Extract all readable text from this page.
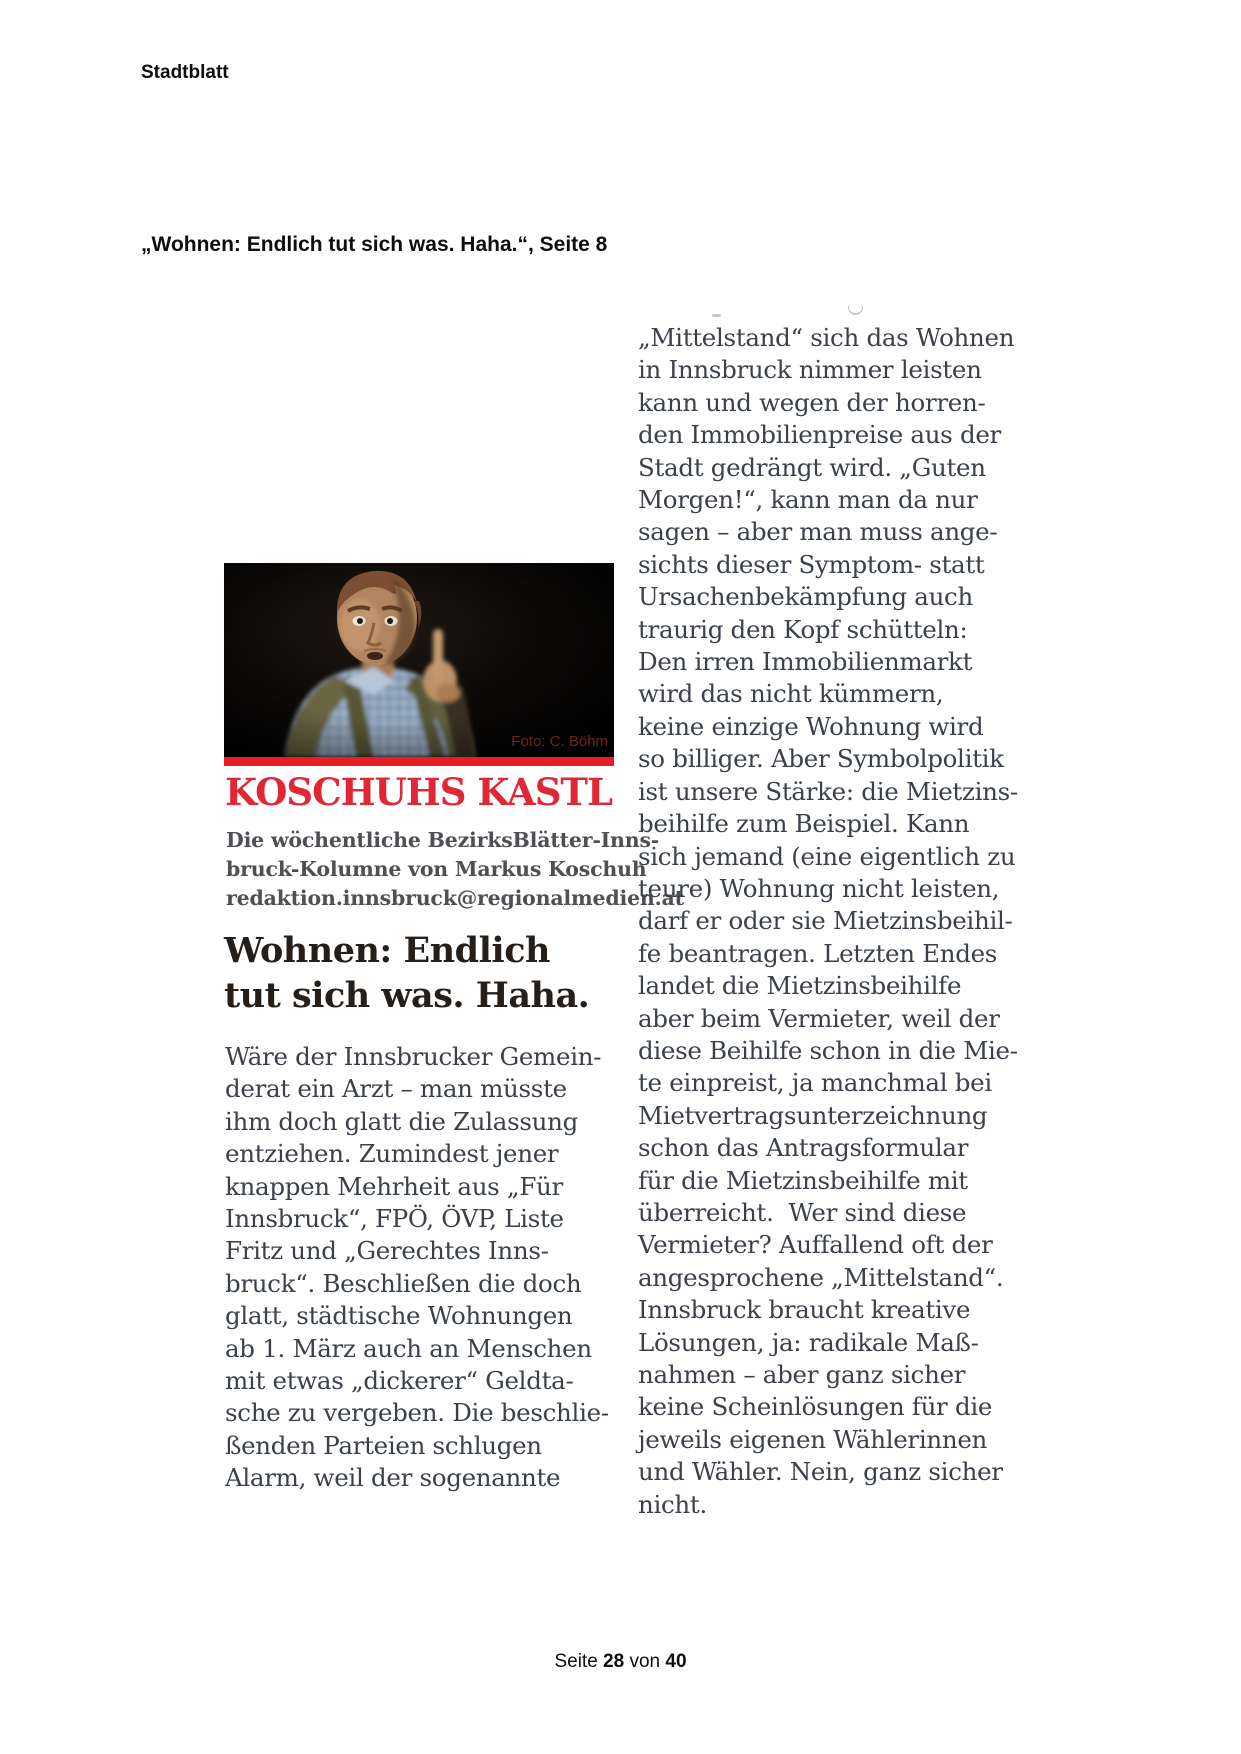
Stadtblatt
„Wohnen: Endlich tut sich was. Haha.“, Seite 8
Foto: C. Böhm
KOSCHUHS KASTL
Die wöchentliche BezirksBlätter-Inns-
bruck-Kolumne von Markus Koschuh
redaktion.innsbruck@regionalmedien.at
Wohnen: Endlich
tut sich was. Haha.
Wäre der Innsbrucker Gemein-
derat ein Arzt – man müsste
ihm doch glatt die Zulassung
entziehen. Zumindest jener
knappen Mehrheit aus „Für
Innsbruck“, FPÖ, ÖVP, Liste
Fritz und „Gerechtes Inns-
bruck“. Beschließen die doch
glatt, städtische Wohnungen
ab 1. März auch an Menschen
mit etwas „dickerer“ Geldta-
sche zu vergeben. Die beschlie-
ßenden Parteien schlugen
Alarm, weil der sogenannte
„Mittelstand“ sich das Wohnen
in Innsbruck nimmer leisten
kann und wegen der horren-
den Immobilienpreise aus der
Stadt gedrängt wird. „Guten
Morgen!“, kann man da nur
sagen – aber man muss ange-
sichts dieser Symptom- statt
Ursachenbekämpfung auch
traurig den Kopf schütteln:
Den irren Immobilienmarkt
wird das nicht kümmern,
keine einzige Wohnung wird
so billiger. Aber Symbolpolitik
ist unsere Stärke: die Mietzins-
beihilfe zum Beispiel. Kann
sich jemand (eine eigentlich zu
teure) Wohnung nicht leisten,
darf er oder sie Mietzinsbeihil-
fe beantragen. Letzten Endes
landet die Mietzinsbeihilfe
aber beim Vermieter, weil der
diese Beihilfe schon in die Mie-
te einpreist, ja manchmal bei
Mietvertragsunterzeichnung
schon das Antragsformular
für die Mietzinsbeihilfe mit
überreicht.  Wer sind diese
Vermieter? Auffallend oft der
angesprochene „Mittelstand“.
Innsbruck braucht kreative
Lösungen, ja: radikale Maß-
nahmen – aber ganz sicher
keine Scheinlösungen für die
jeweils eigenen Wählerinnen
und Wähler. Nein, ganz sicher
nicht.
Seite 28 von 40
